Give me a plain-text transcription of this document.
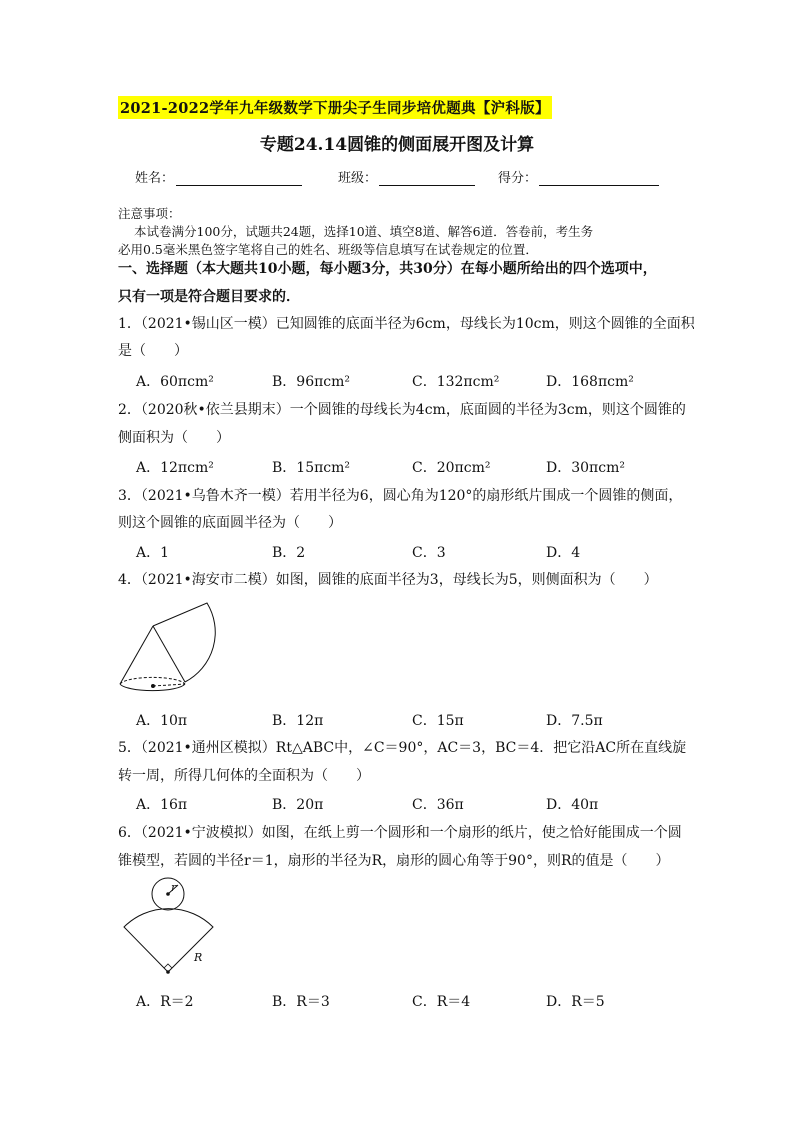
2021-2022学年九年级数学下册尖子生同步培优题典【沪科版】
专题24.14圆锥的侧面展开图及计算
姓名：	班级：	得分：
注意事项：
本试卷满分100分，试题共24题，选择10道、填空8道、解答6道．答卷前，考生务
必用0.5毫米黑色签字笔将自己的姓名、班级等信息填写在试卷规定的位置．
一、选择题（本大题共10小题，每小题3分，共30分）在每小题所给出的四个选项中，
只有一项是符合题目要求的．
1．（2021•锡山区一模）已知圆锥的底面半径为6cm，母线长为10cm，则这个圆锥的全面积
是（　　）
A．60πcm²	B．96πcm²	C．132πcm²	D．168πcm²
2．（2020秋•依兰县期末）一个圆锥的母线长为4cm，底面圆的半径为3cm，则这个圆锥的
侧面积为（　　）
A．12πcm²	B．15πcm²	C．20πcm²	D．30πcm²
3．（2021•乌鲁木齐一模）若用半径为6，圆心角为120°的扇形纸片围成一个圆锥的侧面，
则这个圆锥的底面圆半径为（　　）
A．1	B．2	C．3	D．4
4．（2021•海安市二模）如图，圆锥的底面半径为3，母线长为5，则侧面积为（　　）
A．10π	B．12π	C．15π	D．7.5π
5．（2021•通州区模拟）Rt△ABC中，∠C＝90°，AC＝3，BC＝4．把它沿AC所在直线旋
转一周，所得几何体的全面积为（　　）
A．16π	B．20π	C．36π	D．40π
6．（2021•宁波模拟）如图，在纸上剪一个圆形和一个扇形的纸片，使之恰好能围成一个圆
锥模型，若圆的半径r＝1，扇形的半径为R，扇形的圆心角等于90°，则R的值是（　　）
r
R
A．R＝2	B．R＝3	C．R＝4	D．R＝5
